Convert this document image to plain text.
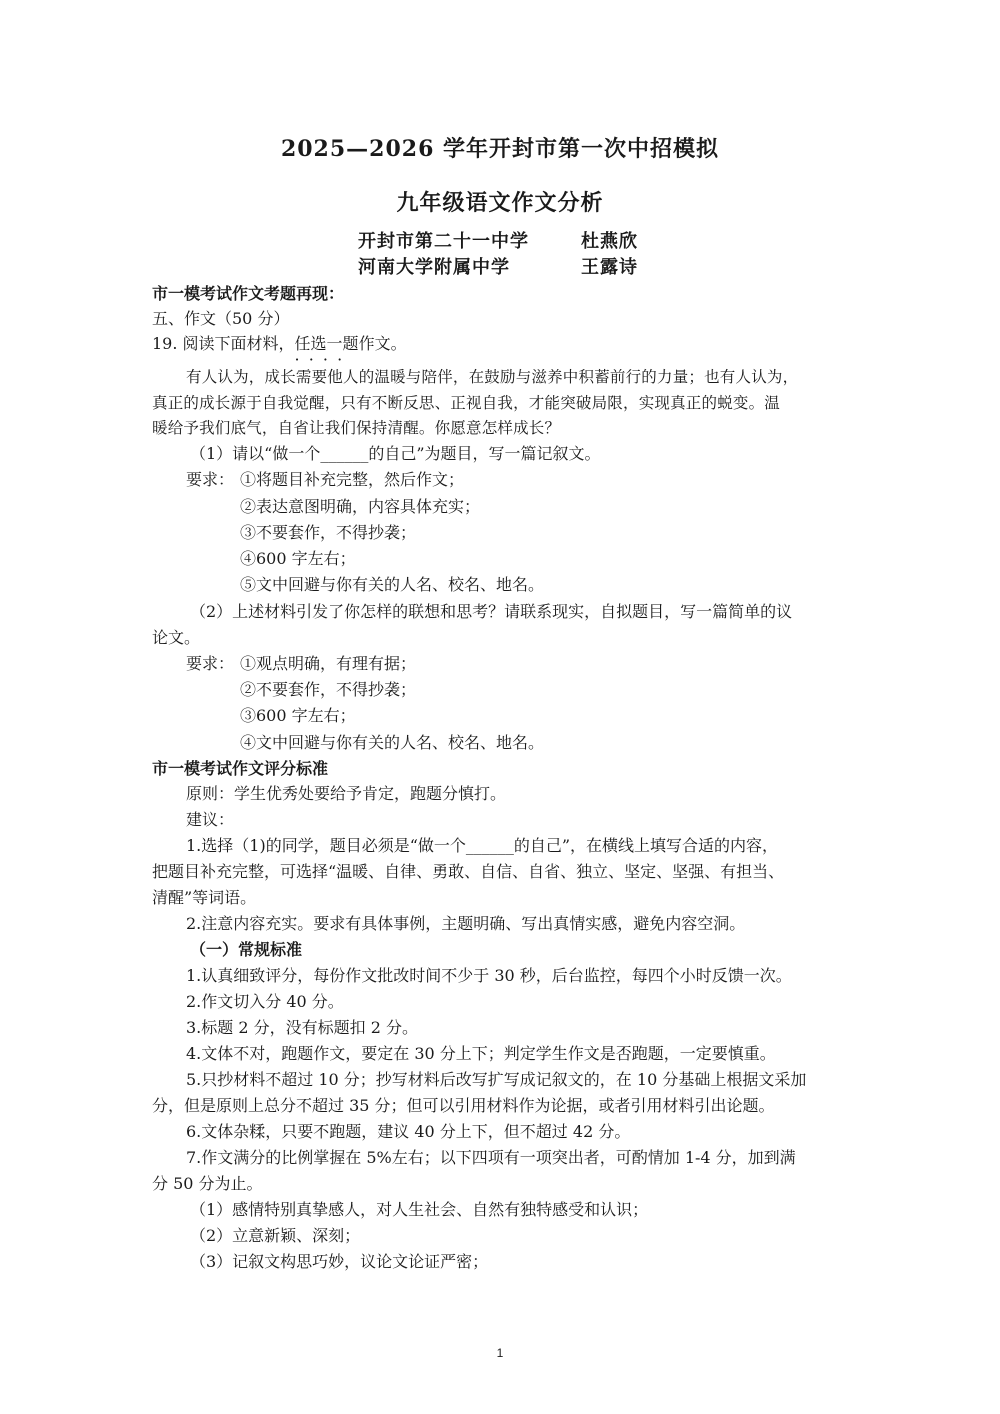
2025—2026 学年开封市第一次中招模拟
九年级语文作文分析
开封市第二十一中学	杜燕欣
河南大学附属中学	王露诗
市一模考试作文考题再现：
五、作文（50 分）
19. 阅读下面材料，任选一题 · · · ·作文。
有人认为，成长需要他人的温暖与陪伴，在鼓励与滋养中积蓄前行的力量；也有人认为，
真正的成长源于自我觉醒，只有不断反思、正视自我，才能突破局限，实现真正的蜕变。温
暖给予我们底气，自省让我们保持清醒。你愿意怎样成长？
（1）请以“做一个______的自己”为题目，写一篇记叙文。
要求： ①将题目补充完整，然后作文；
②表达意图明确，内容具体充实；
③不要套作，不得抄袭；
④600 字左右；
⑤文中回避与你有关的人名、校名、地名。
（2）上述材料引发了你怎样的联想和思考？请联系现实，自拟题目，写一篇简单的议
论文。
要求： ①观点明确，有理有据；
②不要套作，不得抄袭；
③600 字左右；
④文中回避与你有关的人名、校名、地名。
市一模考试作文评分标准
原则：学生优秀处要给予肯定，跑题分慎打。
建议：
1.选择（1)的同学，题目必须是“做一个______的自己”，在横线上填写合适的内容，
把题目补充完整，可选择“温暖、自律、勇敢、自信、自省、独立、坚定、坚强、有担当、
清醒”等词语。
2.注意内容充实。要求有具体事例，主题明确、写出真情实感，避免内容空洞。
（一）常规标准
1.认真细致评分，每份作文批改时间不少于 30 秒，后台监控，每四个小时反馈一次。
2.作文切入分 40 分。
3.标题 2 分，没有标题扣 2 分。
4.文体不对，跑题作文，要定在 30 分上下；判定学生作文是否跑题，一定要慎重。
5.只抄材料不超过 10 分；抄写材料后改写扩写成记叙文的，在 10 分基础上根据文采加
分，但是原则上总分不超过 35 分；但可以引用材料作为论据，或者引用材料引出论题。
6.文体杂糅，只要不跑题，建议 40 分上下，但不超过 42 分。
7.作文满分的比例掌握在 5%左右；以下四项有一项突出者，可酌情加 1-4 分，加到满
分 50 分为止。
（1）感情特别真挚感人，对人生社会、自然有独特感受和认识；
（2）立意新颖、深刻；
（3）记叙文构思巧妙，议论文论证严密；
1
